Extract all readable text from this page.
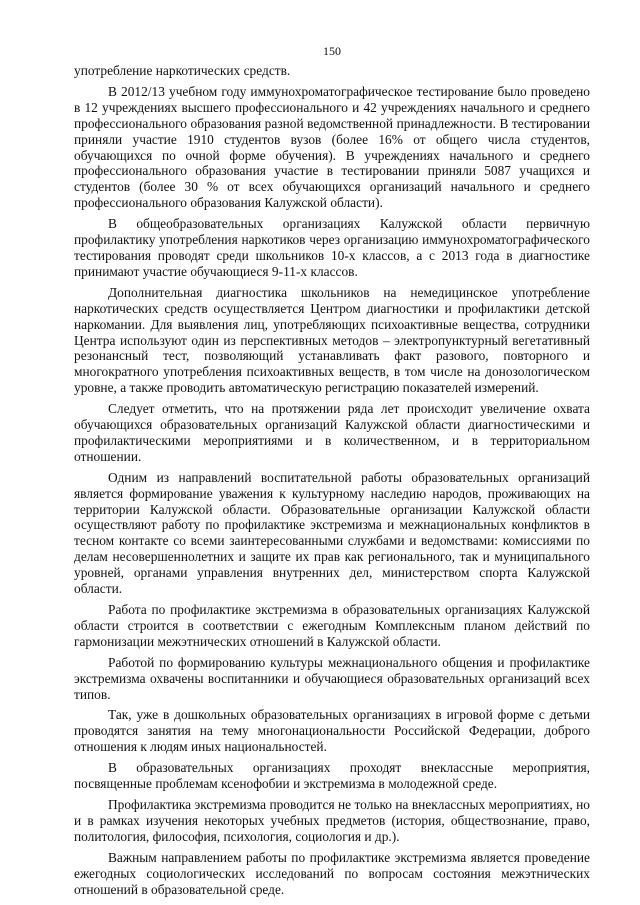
150

употребление наркотических средств.

В 2012/13 учебном году иммунохроматографическое тестирование было проведено в 12 учреждениях высшего профессионального и 42 учреждениях начального и среднего профессионального образования разной ведомственной принадлежности. В тестировании приняли участие 1910 студентов вузов (более 16% от общего числа студентов, обучающихся по очной форме обучения). В учреждениях начального и среднего профессионального образования участие в тестировании приняли 5087 учащихся и студентов (более 30 % от всех обучающихся организаций начального и среднего профессионального образования Калужской области).

В общеобразовательных организациях Калужской области первичную профилактику употребления наркотиков через организацию иммунохроматографического тестирования проводят среди школьников 10-х классов, а с 2013 года в диагностике принимают участие обучающиеся 9-11-х классов.

Дополнительная диагностика школьников на немедицинское употребление наркотических средств осуществляется Центром диагностики и профилактики детской наркомании. Для выявления лиц, употребляющих психоактивные вещества, сотрудники Центра используют один из перспективных методов – электропунктурный вегетативный резонансный тест, позволяющий устанавливать факт разового, повторного и многократного употребления психоактивных веществ, в том числе на донозологическом уровне, а также проводить автоматическую регистрацию показателей измерений.

Следует отметить, что на протяжении ряда лет происходит увеличение охвата обучающихся образовательных организаций Калужской области диагностическими и профилактическими мероприятиями и в количественном, и в территориальном отношении.

Одним из направлений воспитательной работы образовательных организаций является формирование уважения к культурному наследию народов, проживающих на территории Калужской области. Образовательные организации Калужской области осуществляют работу по профилактике экстремизма и межнациональных конфликтов в тесном контакте со всеми заинтересованными службами и ведомствами: комиссиями по делам несовершеннолетних и защите их прав как регионального, так и муниципального уровней, органами управления внутренних дел, министерством спорта Калужской области.

Работа по профилактике экстремизма в образовательных организациях Калужской области строится в соответствии с ежегодным Комплексным планом действий по гармонизации межэтнических отношений в Калужской области.

Работой по формированию культуры межнационального общения и профилактике экстремизма охвачены воспитанники и обучающиеся образовательных организаций всех типов.

Так, уже в дошкольных образовательных организациях в игровой форме с детьми проводятся занятия на тему многонациональности Российской Федерации, доброго отношения к людям иных национальностей.

В образовательных организациях проходят внеклассные мероприятия, посвященные проблемам ксенофобии и экстремизма в молодежной среде.

Профилактика экстремизма проводится не только на внеклассных мероприятиях, но и в рамках изучения некоторых учебных предметов (история, обществознание, право, политология, философия, психология, социология и др.).

Важным направлением работы по профилактике экстремизма является проведение ежегодных социологических исследований по вопросам состояния межэтнических отношений в образовательной среде.
